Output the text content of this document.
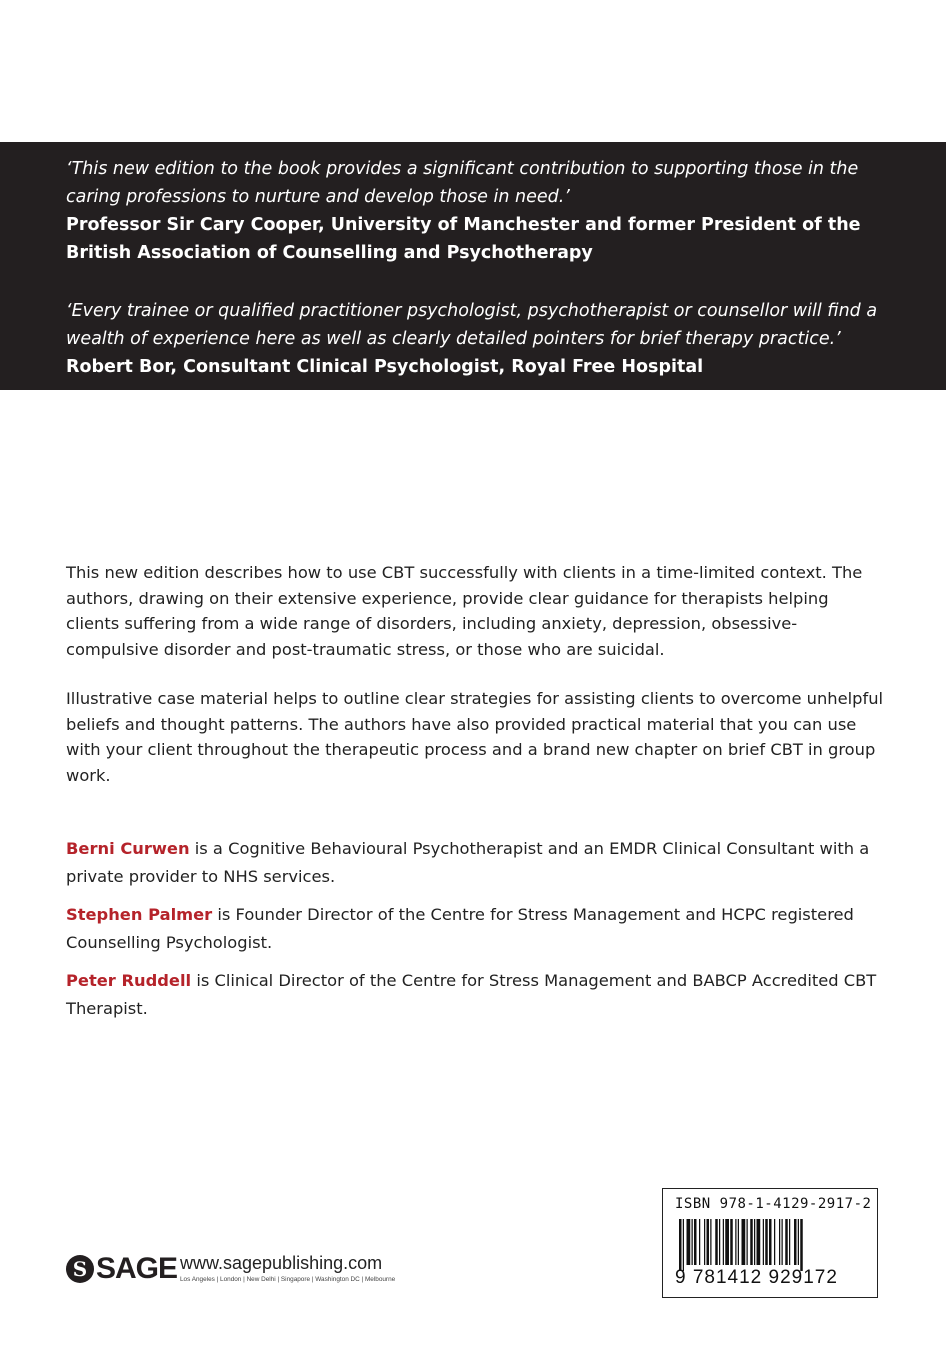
‘This new edition to the book provides a significant contribution to supporting those in the caring professions to nurture and develop those in need.’
Professor Sir Cary Cooper, University of Manchester and former President of the British Association of Counselling and Psychotherapy
‘Every trainee or qualified practitioner psychologist, psychotherapist or counsellor will find a wealth of experience here as well as clearly detailed pointers for brief therapy practice.’
Robert Bor, Consultant Clinical Psychologist, Royal Free Hospital

This new edition describes how to use CBT successfully with clients in a time-limited context. The authors, drawing on their extensive experience, provide clear guidance for therapists helping clients suffering from a wide range of disorders, including anxiety, depression, obsessive-compulsive disorder and post-traumatic stress, or those who are suicidal.

Illustrative case material helps to outline clear strategies for assisting clients to overcome unhelpful beliefs and thought patterns. The authors have also provided practical material that you can use with your client throughout the therapeutic process and a brand new chapter on brief CBT in group work.

Berni Curwen is a Cognitive Behavioural Psychotherapist and an EMDR Clinical Consultant with a private provider to NHS services.

Stephen Palmer is Founder Director of the Centre for Stress Management and HCPC registered Counselling Psychologist.

Peter Ruddell is Clinical Director of the Centre for Stress Management and BABCP Accredited CBT Therapist.

S SAGE www.sagepublishing.com
Los Angeles | London | New Delhi | Singapore | Washington DC | Melbourne
ISBN 978-1-4129-2917-2
9 781412 929172
